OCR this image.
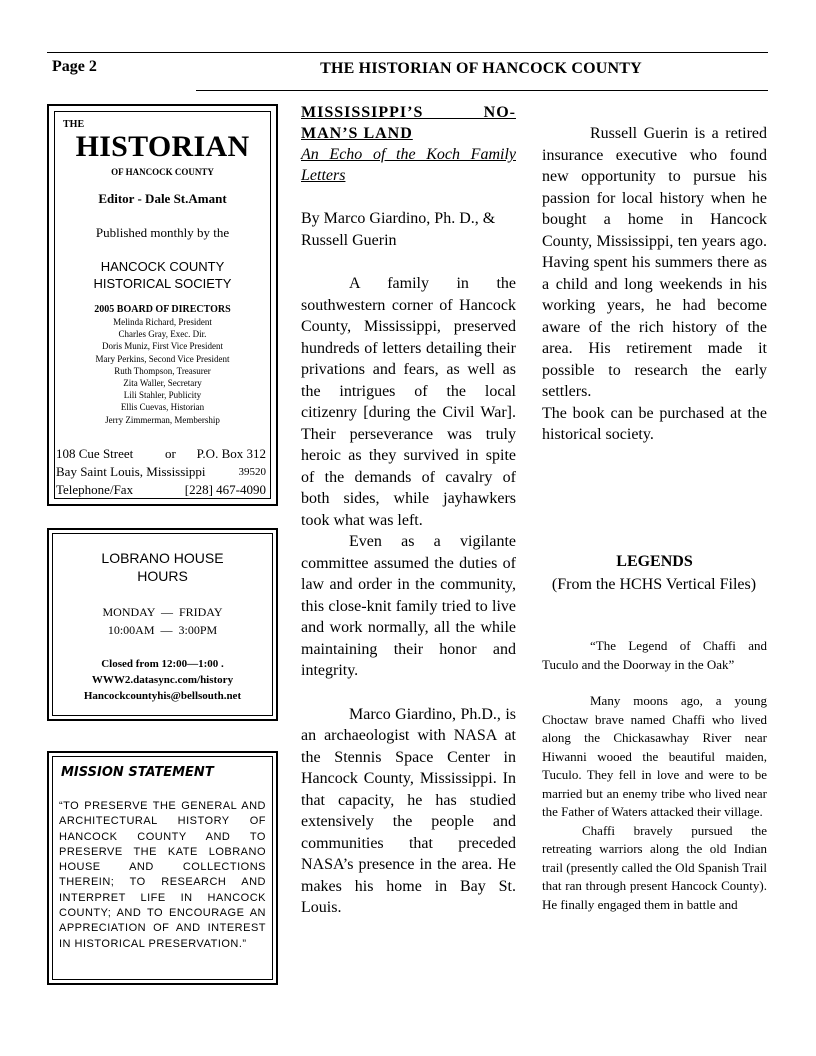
Page 2	THE HISTORIAN OF HANCOCK COUNTY
THE
HISTORIAN
OF HANCOCK COUNTY
Editor - Dale St.Amant
Published monthly by the
HANCOCK COUNTY
HISTORICAL SOCIETY
2005 BOARD OF DIRECTORS
Melinda Richard, President
Charles Gray, Exec. Dir.
Doris Muniz, First Vice President
Mary Perkins, Second Vice President
Ruth Thompson, Treasurer
Zita Waller, Secretary
Lili Stahler, Publicity
Ellis Cuevas, Historian
Jerry Zimmerman, Membership
108 Cue Street or P.O. Box 312
Bay Saint Louis, Mississippi	39520
Telephone/Fax	[228] 467-4090
LOBRANO HOUSE
HOURS
MONDAY  —  FRIDAY
10:00AM  —  3:00PM
Closed from 12:00—1:00 .
WWW2.datasync.com/history
Hancockcountyhis@bellsouth.net
MISSION STATEMENT
“TO PRESERVE THE GENERAL AND ARCHITECTURAL HISTORY OF HANCOCK COUNTY AND TO PRESERVE THE KATE LOBRANO HOUSE AND COLLECTIONS THEREIN; TO RESEARCH AND INTERPRET LIFE IN HANCOCK COUNTY; AND TO ENCOURAGE AN APPRECIATION OF AND INTEREST IN HISTORICAL PRESERVATION.”
MISSISSIPPI’S NO-MAN’S LAND
An Echo of the Koch Family Letters
By Marco Giardino, Ph. D., & Russell Guerin

A family in the southwestern corner of Hancock County, Mississippi, preserved hundreds of letters detailing their privations and fears, as well as the intrigues of the local citizenry [during the Civil War]. Their perseverance was truly heroic as they survived in spite of the demands of cavalry of both sides, while jayhawkers took what was left.

Even as a vigilante committee assumed the duties of law and order in the community, this close-knit family tried to live and work normally, all the while maintaining their honor and integrity.

Marco Giardino, Ph.D., is an archaeologist with NASA at the Stennis Space Center in Hancock County, Mississippi. In that capacity, he has studied extensively the people and communities that preceded NASA’s presence in the area. He makes his home in Bay St. Louis.

Russell Guerin is a retired insurance executive who found new opportunity to pursue his passion for local history when he bought a home in Hancock County, Mississippi, ten years ago. Having spent his summers there as a child and long weekends in his working years, he had become aware of the rich history of the area. His retirement made it possible to research the early settlers.

The book can be purchased at the historical society.

LEGENDS
(From the HCHS Vertical Files)

“The Legend of Chaffi and Tuculo and the Doorway in the Oak”

Many moons ago, a young Choctaw brave named Chaffi who lived along the Chickasawhay River near Hiwanni wooed the beautiful maiden, Tuculo. They fell in love and were to be married but an enemy tribe who lived near the Father of Waters attacked their village.

Chaffi bravely pursued the retreating warriors along the old Indian trail (presently called the Old Spanish Trail that ran through present Hancock County). He finally engaged them in battle and
